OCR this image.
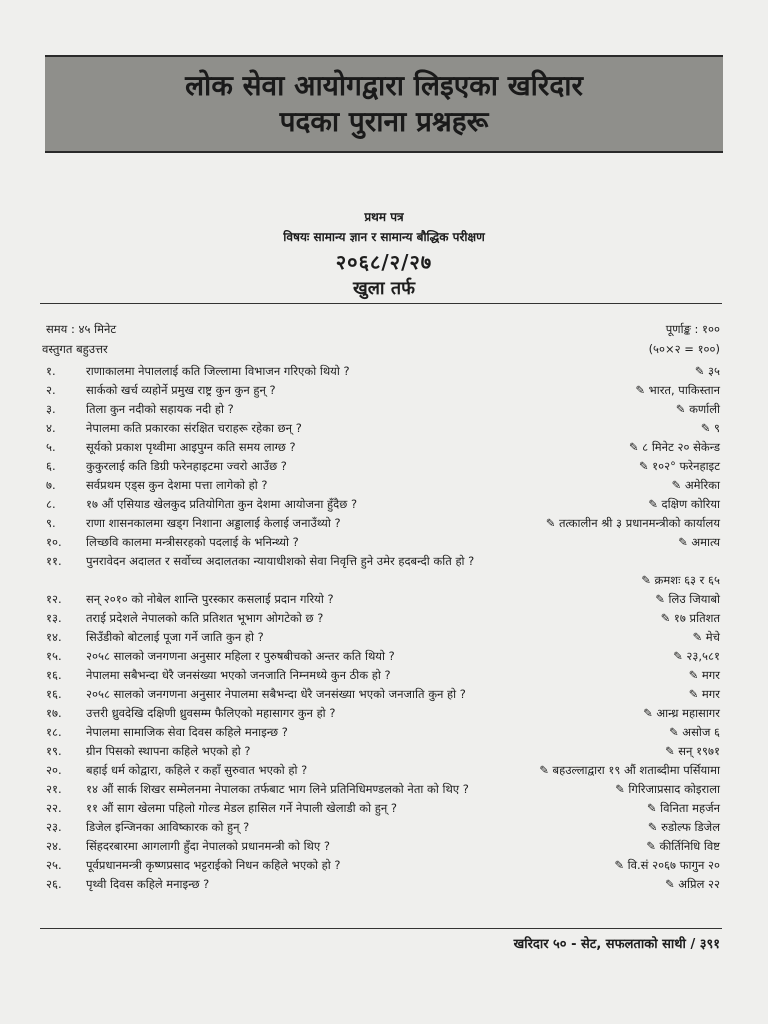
लोक सेवा आयोगद्वारा लिइएका खरिदार
पदका पुराना प्रश्नहरू
प्रथम पत्र
विषयः सामान्य ज्ञान र सामान्य बौद्धिक परीक्षण
२०६८/२/२७
खुला तर्फ
समय : ४५ मिनेट	पूर्णाङ्क : १००
वस्तुगत बहुउत्तर	(५०×२ = १००)
१.	राणाकालमा नेपाललाई कति जिल्लामा विभाजन गरिएको थियो ?	✎ ३५
२.	सार्कको खर्च व्यहोर्ने प्रमुख राष्ट्र कुन कुन हुन् ?	✎ भारत, पाकिस्तान
३.	तिला कुन नदीको सहायक नदी हो ?	✎ कर्णाली
४.	नेपालमा कति प्रकारका संरक्षित चराहरू रहेका छन् ?	✎ ९
५.	सूर्यको प्रकाश पृथ्वीमा आइपुग्न कति समय लाग्छ ?	✎ ८ मिनेट २० सेकेन्ड
६.	कुकुरलाई कति डिग्री फरेनहाइटमा ज्वरो आउँछ ?	✎ १०२° फरेनहाइट
७.	सर्वप्रथम एड्स कुन देशमा पत्ता लागेको हो ?	✎ अमेरिका
८.	१७ औं एसियाड खेलकुद प्रतियोगिता कुन देशमा आयोजना हुँदैछ ?	✎ दक्षिण कोरिया
९.	राणा शासनकालमा खड्ग निशाना अड्डालाई केलाई जनाउँथ्यो ?	✎ तत्कालीन श्री ३ प्रधानमन्त्रीको कार्यालय
१०. लिच्छवि कालमा मन्त्रीसरहको पदलाई के भनिन्थ्यो ?	✎ अमात्य
११. पुनरावेदन अदालत र सर्वोच्च अदालतका न्यायाधीशको सेवा निवृत्ति हुने उमेर हदबन्दी कति हो ?
✎ क्रमशः ६३ र ६५
१२. सन् २०१० को नोबेल शान्ति पुरस्कार कसलाई प्रदान गरियो ?	✎ लिउ जियाबो
१३. तराई प्रदेशले नेपालको कति प्रतिशत भूभाग ओगटेको छ ?	✎ १७ प्रतिशत
१४. सिउँडीको बोटलाई पूजा गर्ने जाति कुन हो ?	✎ मेचे
१५. २०५८ सालको जनगणना अनुसार महिला र पुरुषबीचको अन्तर कति थियो ?	✎ २३,५८१
१६. नेपालमा सबैभन्दा धेरै जनसंख्या भएको जनजाति निम्नमध्ये कुन ठीक हो ?	✎ मगर
१६. २०५८ सालको जनगणना अनुसार नेपालमा सबैभन्दा धेरै जनसंख्या भएको जनजाति कुन हो ?	✎ मगर
१७. उत्तरी ध्रुवदेखि दक्षिणी ध्रुवसम्म फैलिएको महासागर कुन हो ?	✎ आन्ध्र महासागर
१८. नेपालमा सामाजिक सेवा दिवस कहिले मनाइन्छ ?	✎ असोज ६
१९. ग्रीन पिसको स्थापना कहिले भएको हो ?	✎ सन् १९७१
२०. बहाई धर्म कोद्वारा, कहिले र कहाँ सुरुवात भएको हो ?	✎ बहउल्लाद्वारा १९ औं शताब्दीमा पर्सियामा
२१. १४ औं सार्क शिखर सम्मेलनमा नेपालका तर्फबाट भाग लिने प्रतिनिधिमण्डलको नेता को थिए ?	✎ गिरिजाप्रसाद कोइराला
२२. ११ औं साग खेलमा पहिलो गोल्ड मेडल हासिल गर्ने नेपाली खेलाडी को हुन् ?	✎ विनिता महर्जन
२३. डिजेल इन्जिनका आविष्कारक को हुन् ?	✎ रुडोल्फ डिजेल
२४. सिंहदरबारमा आगलागी हुँदा नेपालको प्रधानमन्त्री को थिए ?	✎ कीर्तिनिधि विष्ट
२५. पूर्वप्रधानमन्त्री कृष्णप्रसाद भट्टराईको निधन कहिले भएको हो ?	✎ वि.सं २०६७ फागुन २०
२६. पृथ्वी दिवस कहिले मनाइन्छ ?	✎ अप्रिल २२
खरिदार ५० - सेट, सफलताको साथी / ३९१
